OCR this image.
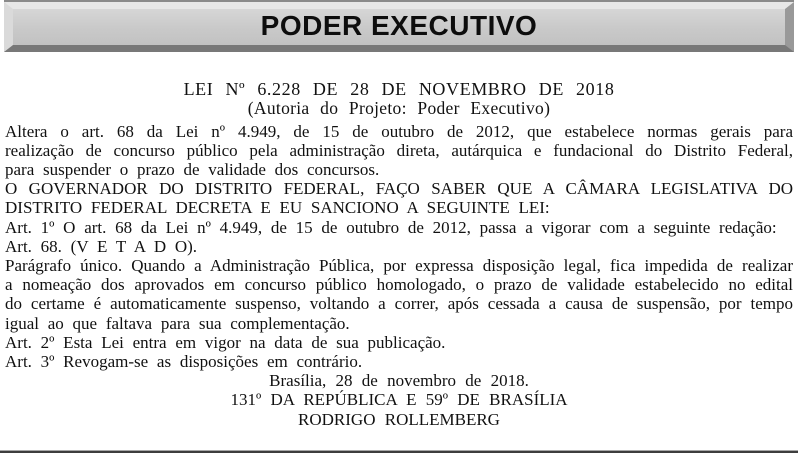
PODER EXECUTIVO
LEI Nº 6.228 DE 28 DE NOVEMBRO DE 2018
(Autoria do Projeto: Poder Executivo)

Altera o art. 68 da Lei nº 4.949, de 15 de outubro de 2012, que estabelece normas gerais para realização de concurso público pela administração direta, autárquica e fundacional do Distrito Federal, para suspender o prazo de validade dos concursos.

O GOVERNADOR DO DISTRITO FEDERAL, FAÇO SABER QUE A CÂMARA LEGISLATIVA DO DISTRITO FEDERAL DECRETA E EU SANCIONO A SEGUINTE LEI:

Art. 1º O art. 68 da Lei nº 4.949, de 15 de outubro de 2012, passa a vigorar com a seguinte redação:

Art. 68. (V E T A D O).

Parágrafo único. Quando a Administração Pública, por expressa disposição legal, fica impedida de realizar a nomeação dos aprovados em concurso público homologado, o prazo de validade estabelecido no edital do certame é automaticamente suspenso, voltando a correr, após cessada a causa de suspensão, por tempo igual ao que faltava para sua complementação.

Art. 2º Esta Lei entra em vigor na data de sua publicação.

Art. 3º Revogam-se as disposições em contrário.

Brasília, 28 de novembro de 2018.
131º DA REPÚBLICA E 59º DE BRASÍLIA
RODRIGO ROLLEMBERG
